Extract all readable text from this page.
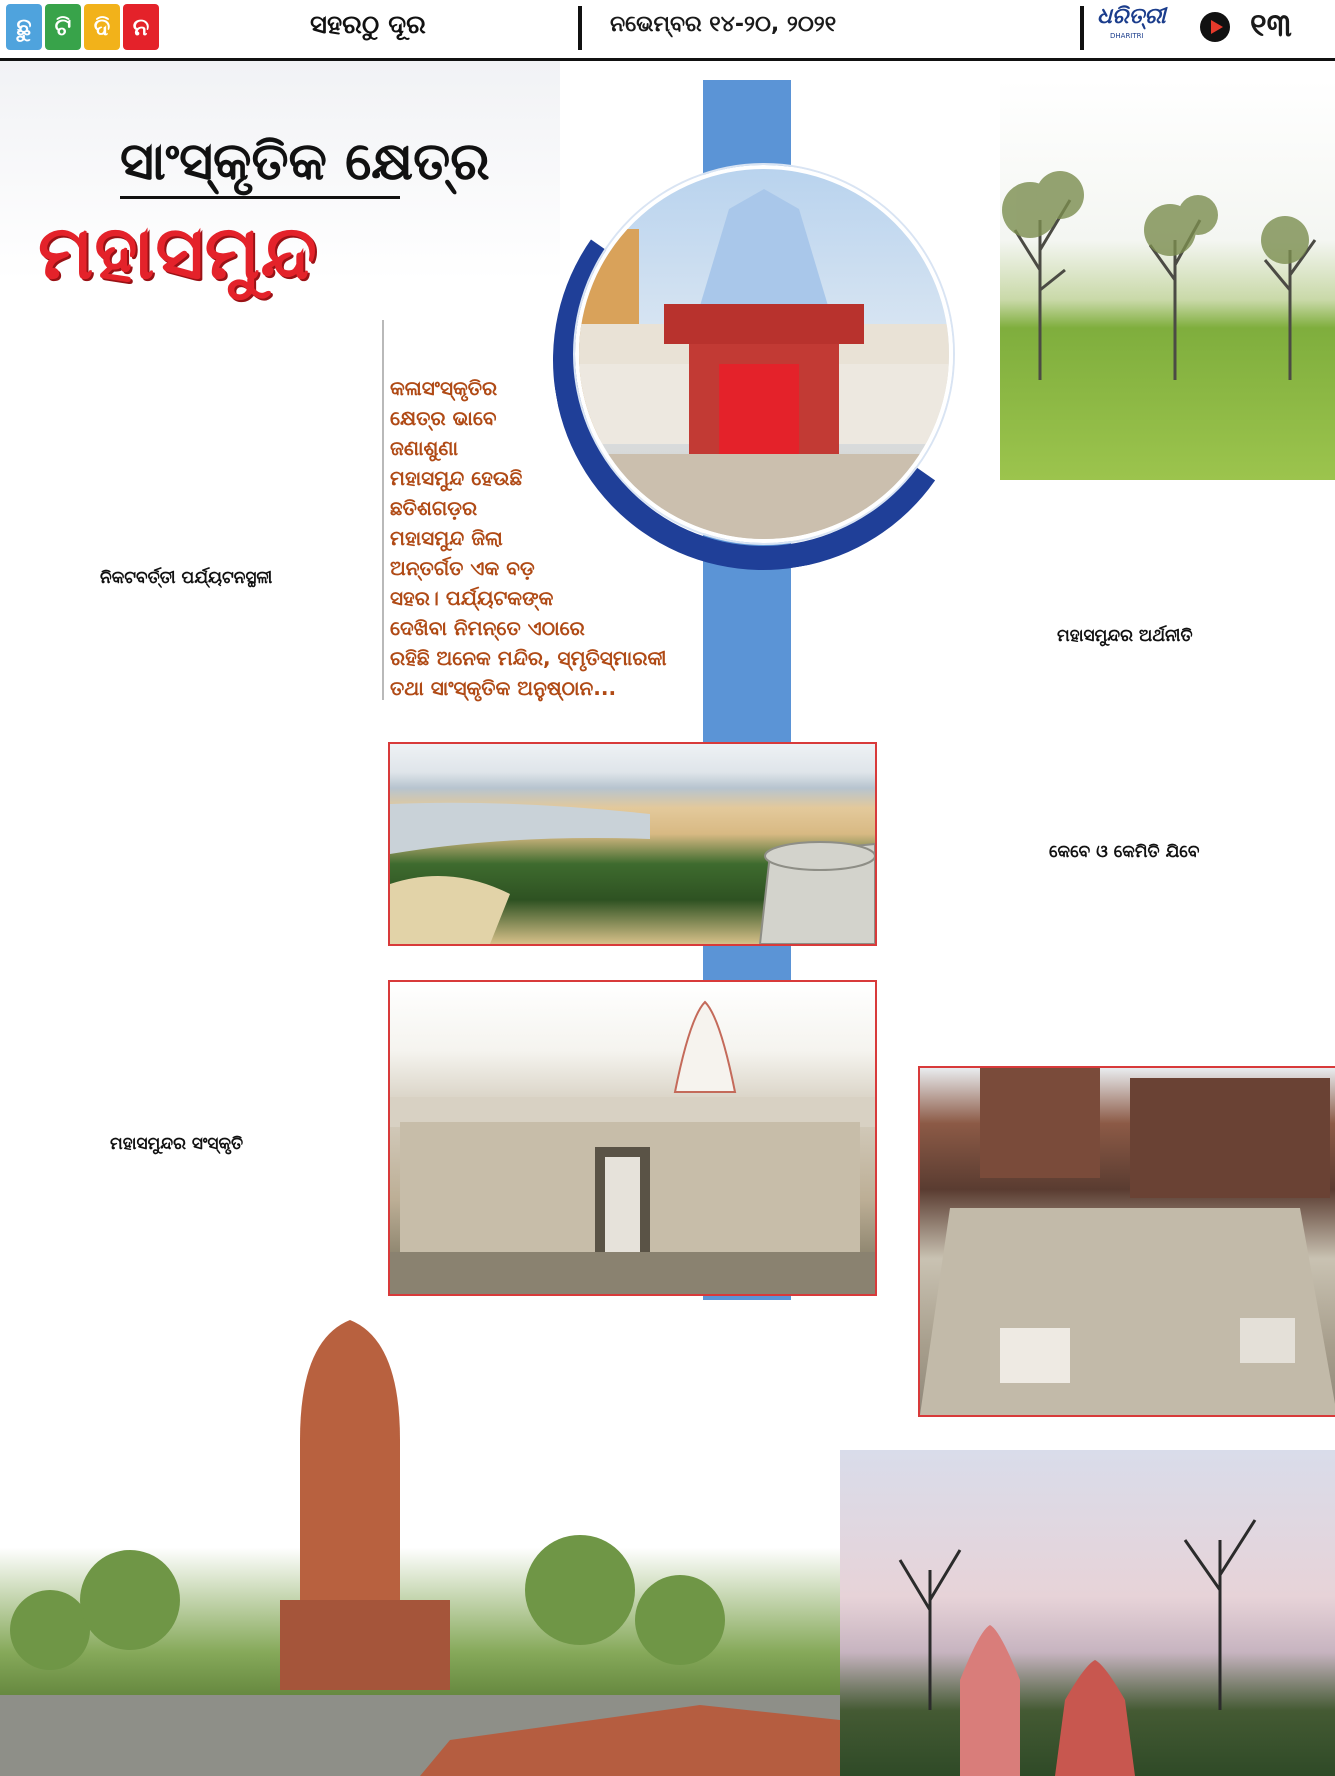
ଛୁ ଟି ଦି ନ	ସହରଠୁ ଦୂର	ନଭେମ୍ବର ୧୪-୨୦, ୨୦୨୧	ଧରିତ୍ରୀ
DHARITRI	୧୩
ସାଂସ୍କୃତିକ କ୍ଷେତ୍ର
ମହାସମୁନ୍ଦ
କଳାସଂସ୍କୃତିର
କ୍ଷେତ୍ର ଭାବେ
ଜଣାଶୁଣା
ମହାସମୁନ୍ଦ ହେଉଛି
ଛତିଶଗଡ଼ର
ମହାସମୁନ୍ଦ ଜିଲା
ଅନ୍ତର୍ଗତ ଏକ ବଡ଼
ସହର। ପର୍ଯ୍ୟଟକଙ୍କ
ଦେଖିବା ନିମନ୍ତେ ଏଠାରେ
ରହିଛି ଅନେକ ମନ୍ଦିର, ସ୍ମୃତିସ୍ମାରକୀ
ତଥା ସାଂସ୍କୃତିକ ଅନୁଷ୍ଠାନ...
ନିକଟବର୍ତ୍ତୀ ପର୍ଯ୍ୟଟନସ୍ଥଳୀ
ମହାସମୁନ୍ଦର ସଂସ୍କୃତି
ମହାସମୁନ୍ଦର ଅର୍ଥନୀତି
କେବେ ଓ କେମିତି ଯିବେ
